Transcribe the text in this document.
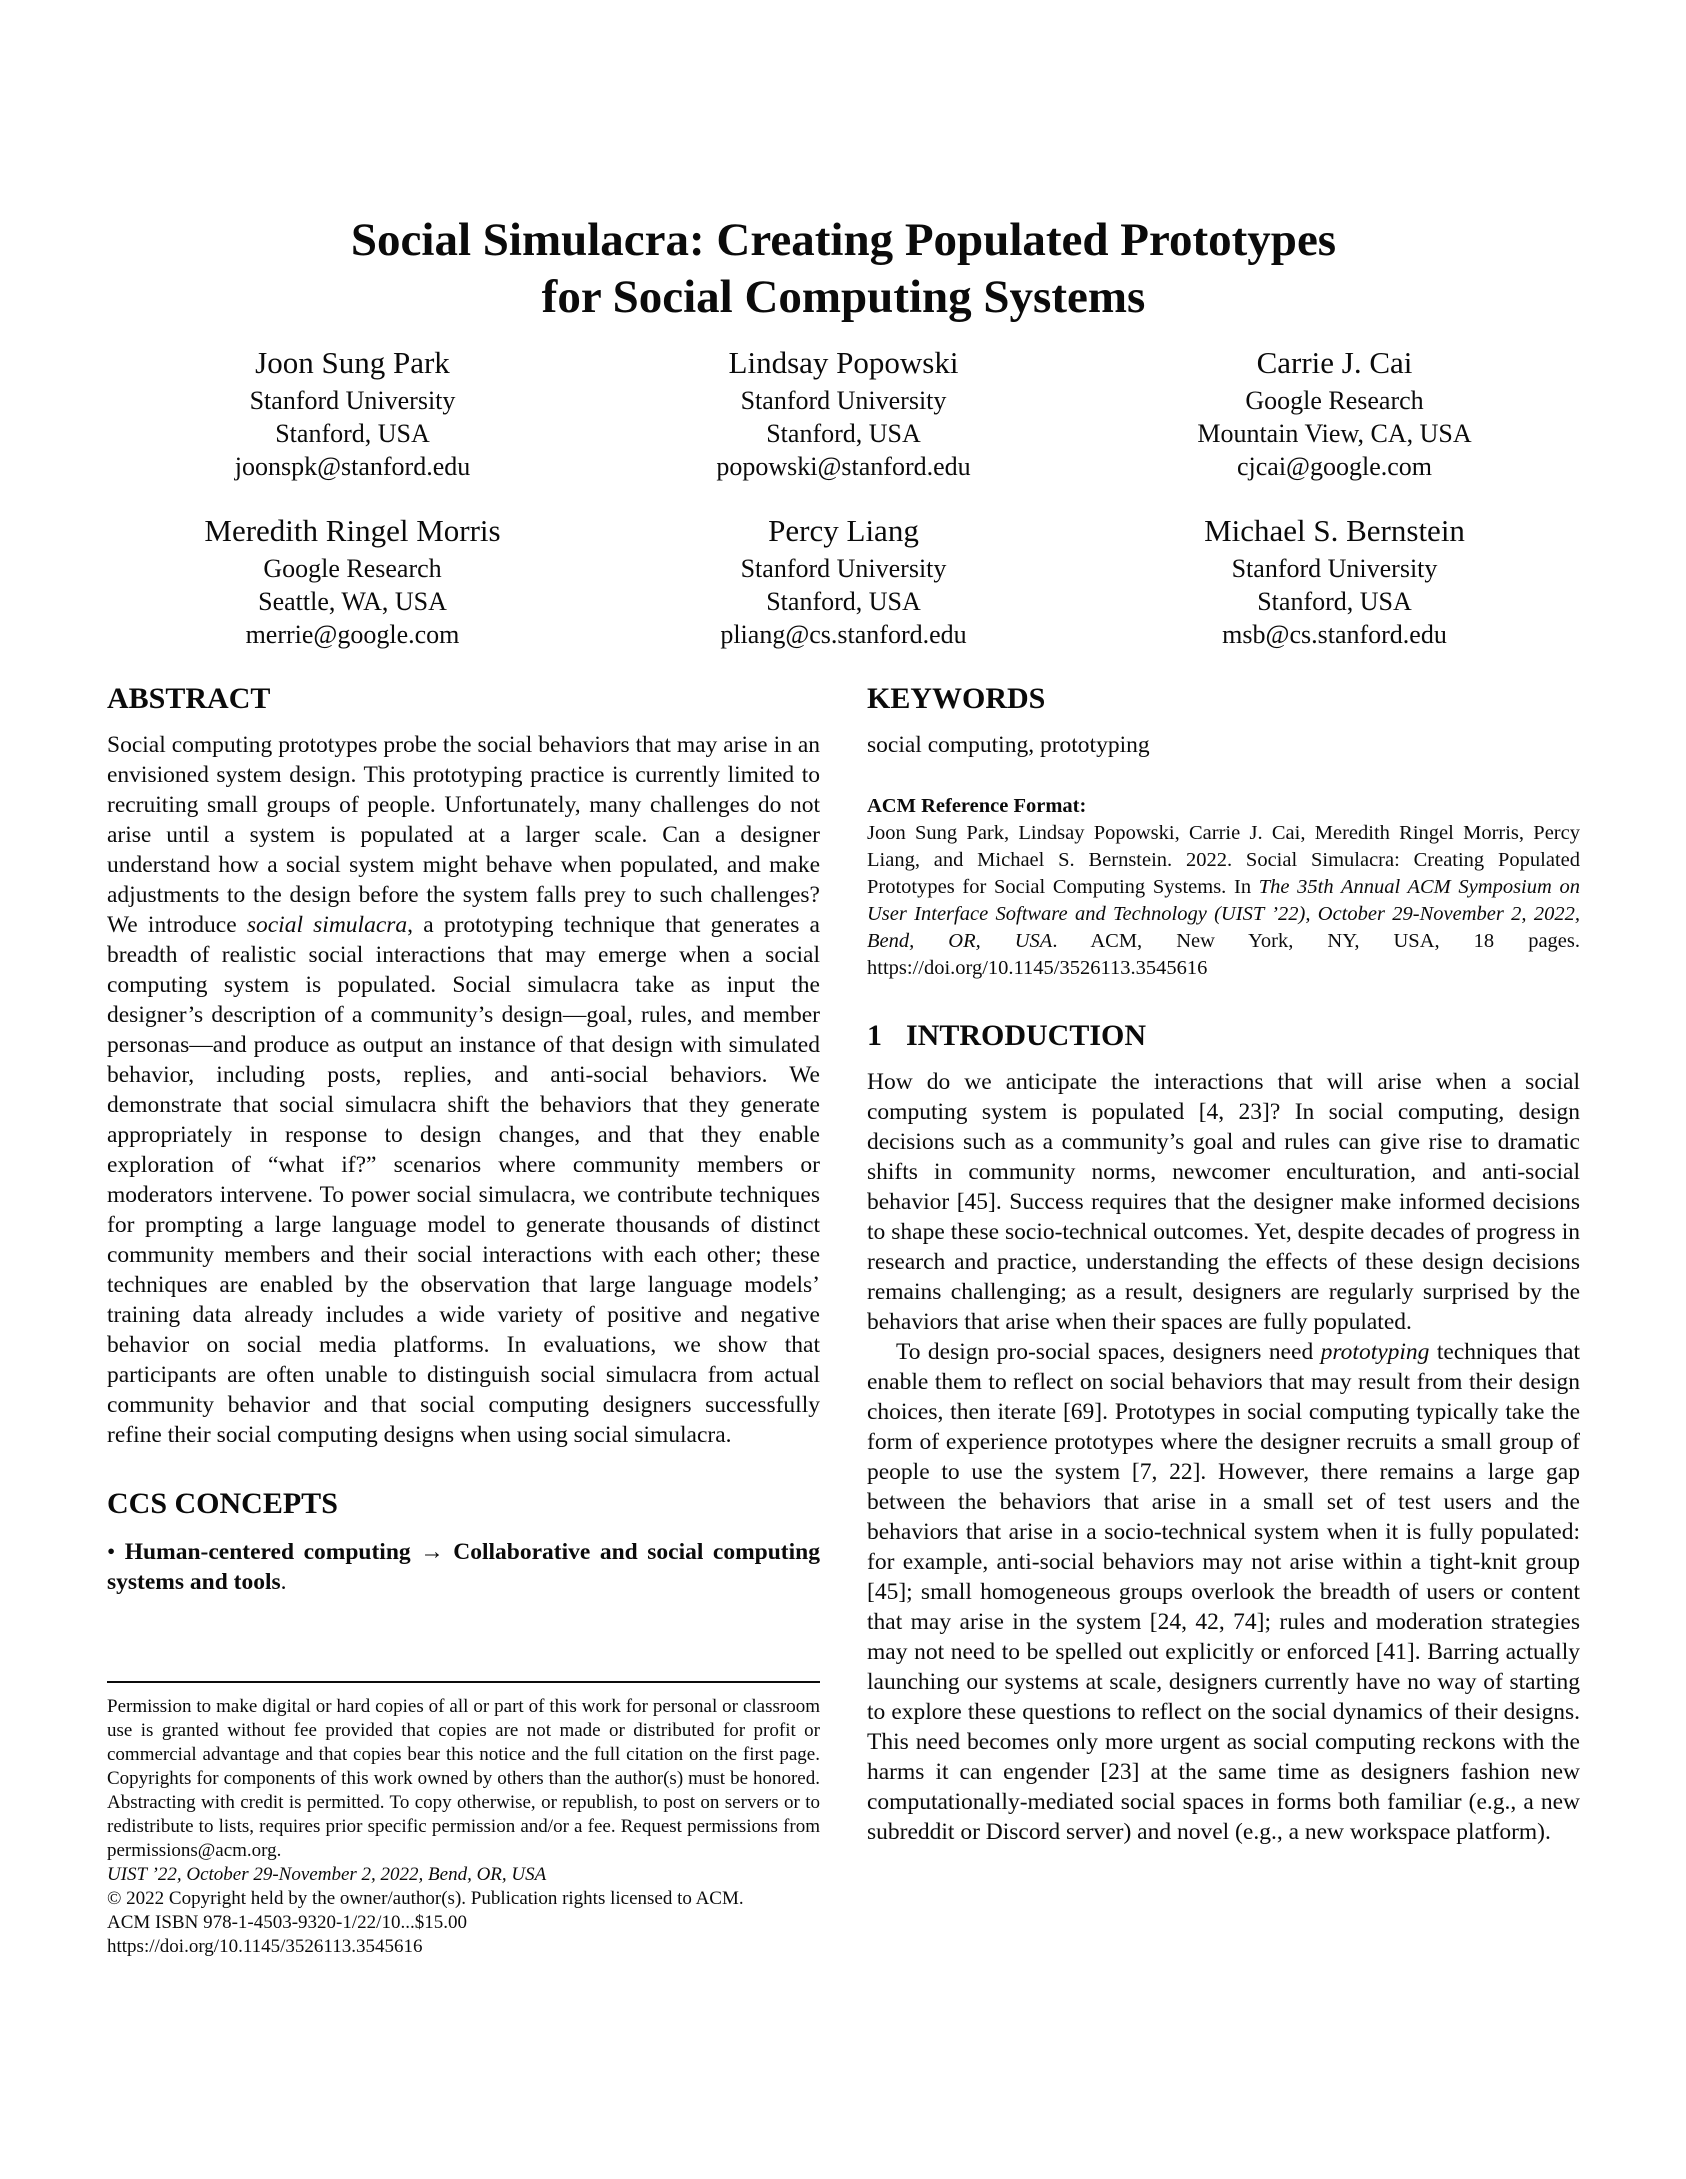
Social Simulacra: Creating Populated Prototypes
for Social Computing Systems
Joon Sung Park
Stanford University
Stanford, USA
joonspk@stanford.edu
Lindsay Popowski
Stanford University
Stanford, USA
popowski@stanford.edu
Carrie J. Cai
Google Research
Mountain View, CA, USA
cjcai@google.com
Meredith Ringel Morris
Google Research
Seattle, WA, USA
merrie@google.com
Percy Liang
Stanford University
Stanford, USA
pliang@cs.stanford.edu
Michael S. Bernstein
Stanford University
Stanford, USA
msb@cs.stanford.edu
ABSTRACT

Social computing prototypes probe the social behaviors that may arise in an envisioned system design. This prototyping practice is currently limited to recruiting small groups of people. Unfortunately, many challenges do not arise until a system is populated at a larger scale. Can a designer understand how a social system might behave when populated, and make adjustments to the design before the system falls prey to such challenges? We introduce social simulacra, a prototyping technique that generates a breadth of realistic social interactions that may emerge when a social computing system is populated. Social simulacra take as input the designer’s description of a community’s design—goal, rules, and member personas—and produce as output an instance of that design with simulated behavior, including posts, replies, and anti-social behaviors. We demonstrate that social simulacra shift the behaviors that they generate appropriately in response to design changes, and that they enable exploration of “what if?” scenarios where community members or moderators intervene. To power social simulacra, we contribute techniques for prompting a large language model to generate thousands of distinct community members and their social interactions with each other; these techniques are enabled by the observation that large language models’ training data already includes a wide variety of positive and negative behavior on social media platforms. In evaluations, we show that participants are often unable to distinguish social simulacra from actual community behavior and that social computing designers successfully refine their social computing designs when using social simulacra.

CCS CONCEPTS

• Human-centered computing → Collaborative and social computing systems and tools.

Permission to make digital or hard copies of all or part of this work for personal or classroom use is granted without fee provided that copies are not made or distributed for profit or commercial advantage and that copies bear this notice and the full citation on the first page. Copyrights for components of this work owned by others than the author(s) must be honored. Abstracting with credit is permitted. To copy otherwise, or republish, to post on servers or to redistribute to lists, requires prior specific permission and/or a fee. Request permissions from permissions@acm.org.

UIST ’22, October 29-November 2, 2022, Bend, OR, USA

© 2022 Copyright held by the owner/author(s). Publication rights licensed to ACM.

ACM ISBN 978-1-4503-9320-1/22/10...$15.00

https://doi.org/10.1145/3526113.3545616

KEYWORDS

social computing, prototyping

ACM Reference Format:

Joon Sung Park, Lindsay Popowski, Carrie J. Cai, Meredith Ringel Morris, Percy Liang, and Michael S. Bernstein. 2022. Social Simulacra: Creating Populated Prototypes for Social Computing Systems. In The 35th Annual ACM Symposium on User Interface Software and Technology (UIST ’22), October 29-November 2, 2022, Bend, OR, USA. ACM, New York, NY, USA, 18 pages. https://doi.org/10.1145/3526113.3545616

1 INTRODUCTION

How do we anticipate the interactions that will arise when a social computing system is populated [4, 23]? In social computing, design decisions such as a community’s goal and rules can give rise to dramatic shifts in community norms, newcomer enculturation, and anti-social behavior [45]. Success requires that the designer make informed decisions to shape these socio-technical outcomes. Yet, despite decades of progress in research and practice, understanding the effects of these design decisions remains challenging; as a result, designers are regularly surprised by the behaviors that arise when their spaces are fully populated.

To design pro-social spaces, designers need prototyping techniques that enable them to reflect on social behaviors that may result from their design choices, then iterate [69]. Prototypes in social computing typically take the form of experience prototypes where the designer recruits a small group of people to use the system [7, 22]. However, there remains a large gap between the behaviors that arise in a small set of test users and the behaviors that arise in a socio-technical system when it is fully populated: for example, anti-social behaviors may not arise within a tight-knit group [45]; small homogeneous groups overlook the breadth of users or content that may arise in the system [24, 42, 74]; rules and moderation strategies may not need to be spelled out explicitly or enforced [41]. Barring actually launching our systems at scale, designers currently have no way of starting to explore these questions to reflect on the social dynamics of their designs. This need becomes only more urgent as social computing reckons with the harms it can engender [23] at the same time as designers fashion new computationally-mediated social spaces in forms both familiar (e.g., a new subreddit or Discord server) and novel (e.g., a new workspace platform).
